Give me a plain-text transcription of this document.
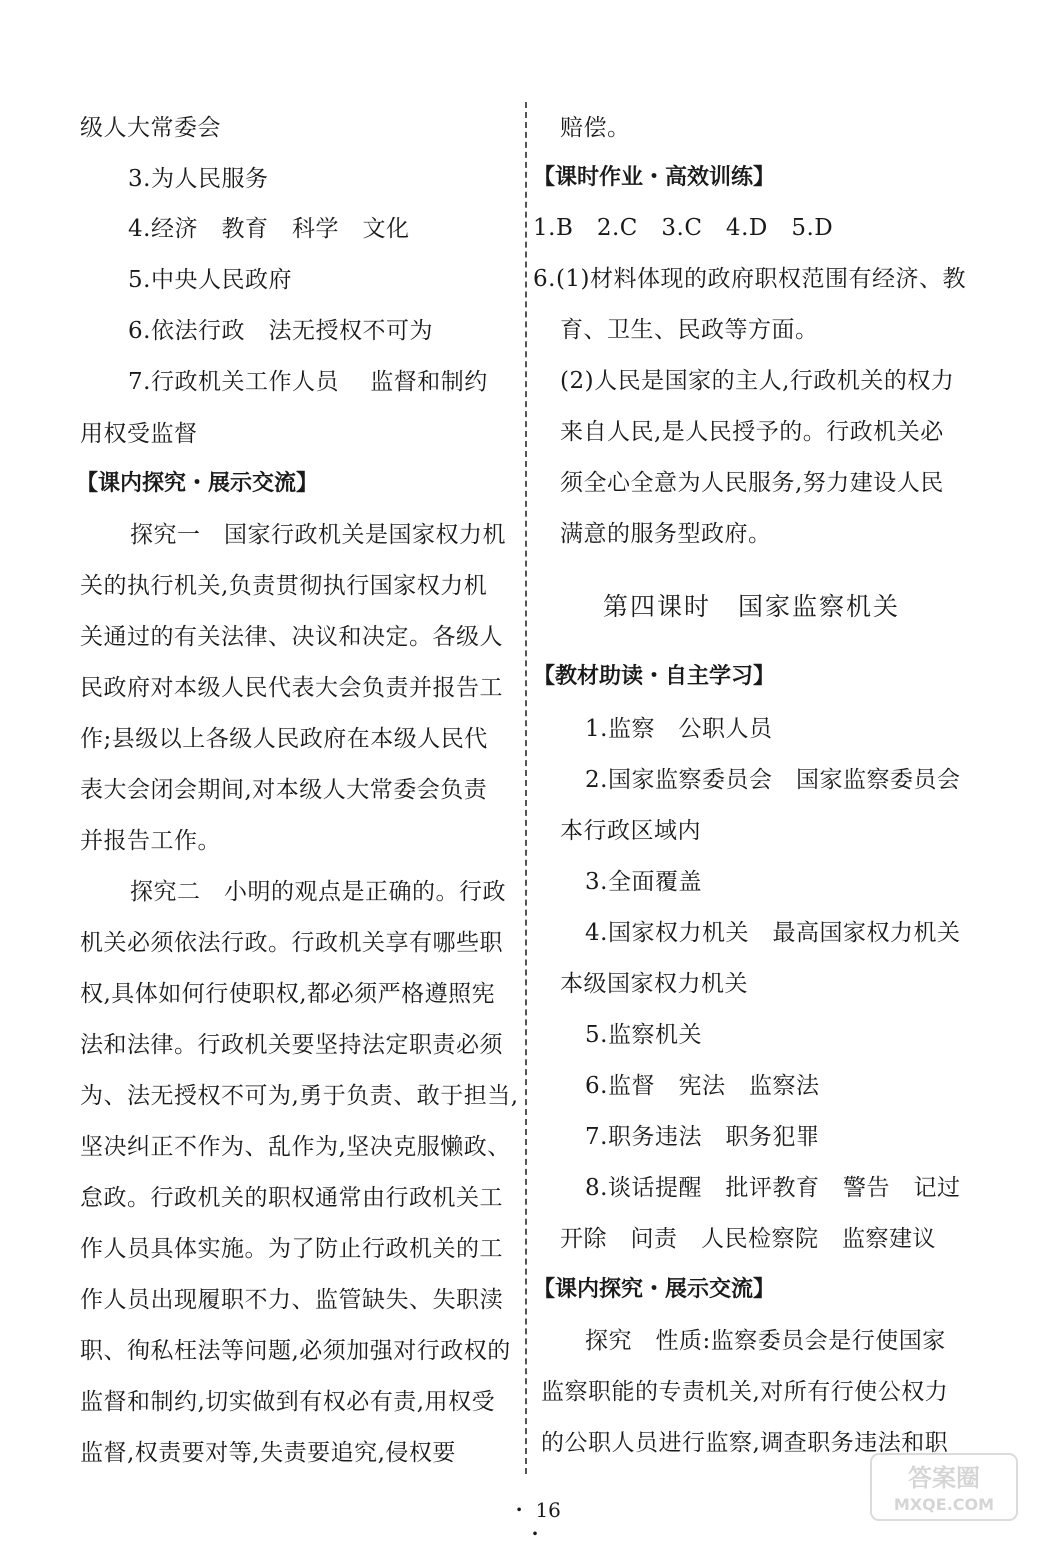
级人大常委会
3.为人民服务
4.经济　教育　科学　文化
5.中央人民政府
6.依法行政　法无授权不可为
7.行政机关工作人员　 监督和制约
用权受监督
【课内探究・展示交流】
探究一　国家行政机关是国家权力机
关的执行机关,负责贯彻执行国家权力机
关通过的有关法律、决议和决定。各级人
民政府对本级人民代表大会负责并报告工
作;县级以上各级人民政府在本级人民代
表大会闭会期间,对本级人大常委会负责
并报告工作。
探究二　小明的观点是正确的。行政
机关必须依法行政。行政机关享有哪些职
权,具体如何行使职权,都必须严格遵照宪
法和法律。行政机关要坚持法定职责必须
为、法无授权不可为,勇于负责、敢于担当,
坚决纠正不作为、乱作为,坚决克服懒政、
怠政。行政机关的职权通常由行政机关工
作人员具体实施。为了防止行政机关的工
作人员出现履职不力、监管缺失、失职渎
职、徇私枉法等问题,必须加强对行政权的
监督和制约,切实做到有权必有责,用权受
监督,权责要对等,失责要追究,侵权要
赔偿。
【课时作业・高效训练】
1.B　2.C　3.C　4.D　5.D
6.(1)材料体现的政府职权范围有经济、教
育、卫生、民政等方面。
(2)人民是国家的主人,行政机关的权力
来自人民,是人民授予的。行政机关必
须全心全意为人民服务,努力建设人民
满意的服务型政府。
第四课时　国家监察机关
【教材助读・自主学习】
1.监察　公职人员
2.国家监察委员会　国家监察委员会
本行政区域内
3.全面覆盖
4.国家权力机关　最高国家权力机关
本级国家权力机关
5.监察机关
6.监督　宪法　监察法
7.职务违法　职务犯罪
8.谈话提醒　批评教育　警告　记过
开除　问责　人民检察院　监察建议
【课内探究・展示交流】
探究　性质:监察委员会是行使国家
监察职能的专责机关,对所有行使公权力
的公职人员进行监察,调查职务违法和职
・ 16 ・
答案圈
MXQE.COM
